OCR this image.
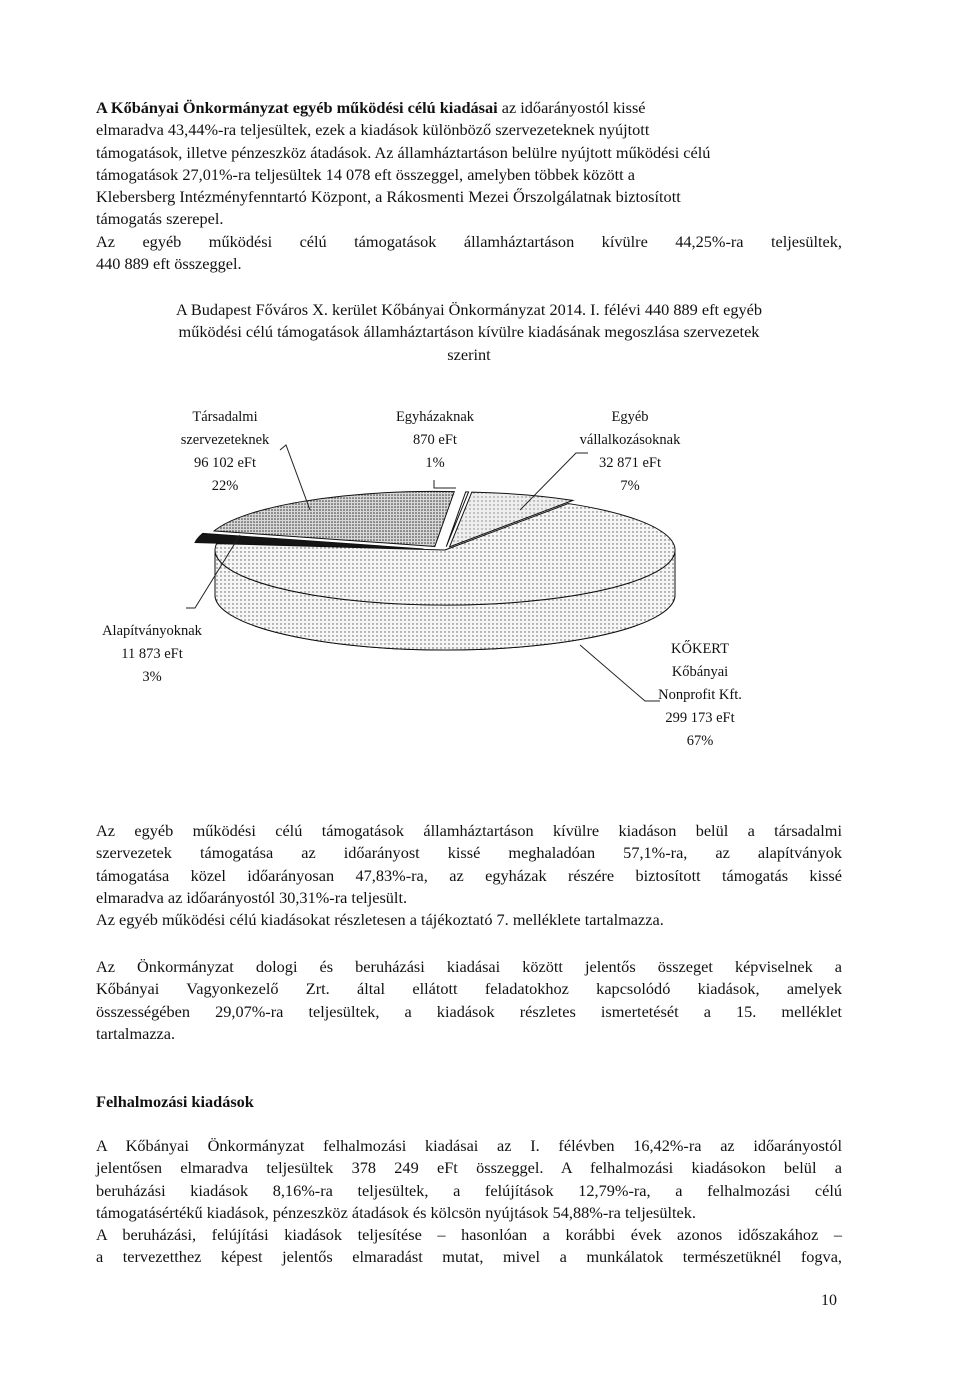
A Kőbányai Önkormányzat egyéb működési célú kiadásai az időarányostól kissé
elmaradva 43,44%-ra teljesültek, ezek a kiadások különböző szervezeteknek nyújtott
támogatások, illetve pénzeszköz átadások. Az államháztartáson belülre nyújtott működési célú
támogatások 27,01%-ra teljesültek 14 078 eft összeggel, amelyben többek között a
Klebersberg Intézményfenntartó Központ, a Rákosmenti Mezei Őrszolgálatnak biztosított
támogatás szerepel.
Az egyéb működési célú támogatások államháztartáson kívülre 44,25%-ra teljesültek,
440 889 eft összeggel.
A Budapest Főváros X. kerület Kőbányai Önkormányzat 2014. I. félévi 440 889 eft egyéb
működési célú támogatások államháztartáson kívülre kiadásának megoszlása szervezetek
szerint
KŐKERT
Kőbányai
Nonprofit Kft.
299 173 eFt
67%
Alapítványoknak
11 873 eFt
3%
Társadalmi
szervezeteknek
96 102 eFt
22%
Egyházaknak
870 eFt
1%
Egyéb
vállalkozásoknak
32 871 eFt
7%
Az egyéb működési célú támogatások államháztartáson kívülre kiadáson belül a társadalmi
szervezetek támogatása az időarányost kissé meghaladóan 57,1%-ra, az alapítványok
támogatása közel időarányosan 47,83%-ra, az egyházak részére biztosított támogatás kissé
elmaradva az időarányostól 30,31%-ra teljesült.
Az egyéb működési célú kiadásokat részletesen a tájékoztató 7. melléklete tartalmazza.
Az Önkormányzat dologi és beruházási kiadásai között jelentős összeget képviselnek a
Kőbányai Vagyonkezelő Zrt. által ellátott feladatokhoz kapcsolódó kiadások, amelyek
összességében 29,07%-ra teljesültek, a kiadások részletes ismertetését a 15. melléklet
tartalmazza.

Felhalmozási kiadások

A Kőbányai Önkormányzat felhalmozási kiadásai az I. félévben 16,42%-ra az időarányostól
jelentősen elmaradva teljesültek 378 249 eFt összeggel. A felhalmozási kiadásokon belül a
beruházási kiadások 8,16%-ra teljesültek, a felújítások 12,79%-ra, a felhalmozási célú
támogatásértékű kiadások, pénzeszköz átadások és kölcsön nyújtások 54,88%-ra teljesültek.
A beruházási, felújítási kiadások teljesítése – hasonlóan a korábbi évek azonos időszakához –
a tervezetthez képest jelentős elmaradást mutat, mivel a munkálatok természetüknél fogva,
10
